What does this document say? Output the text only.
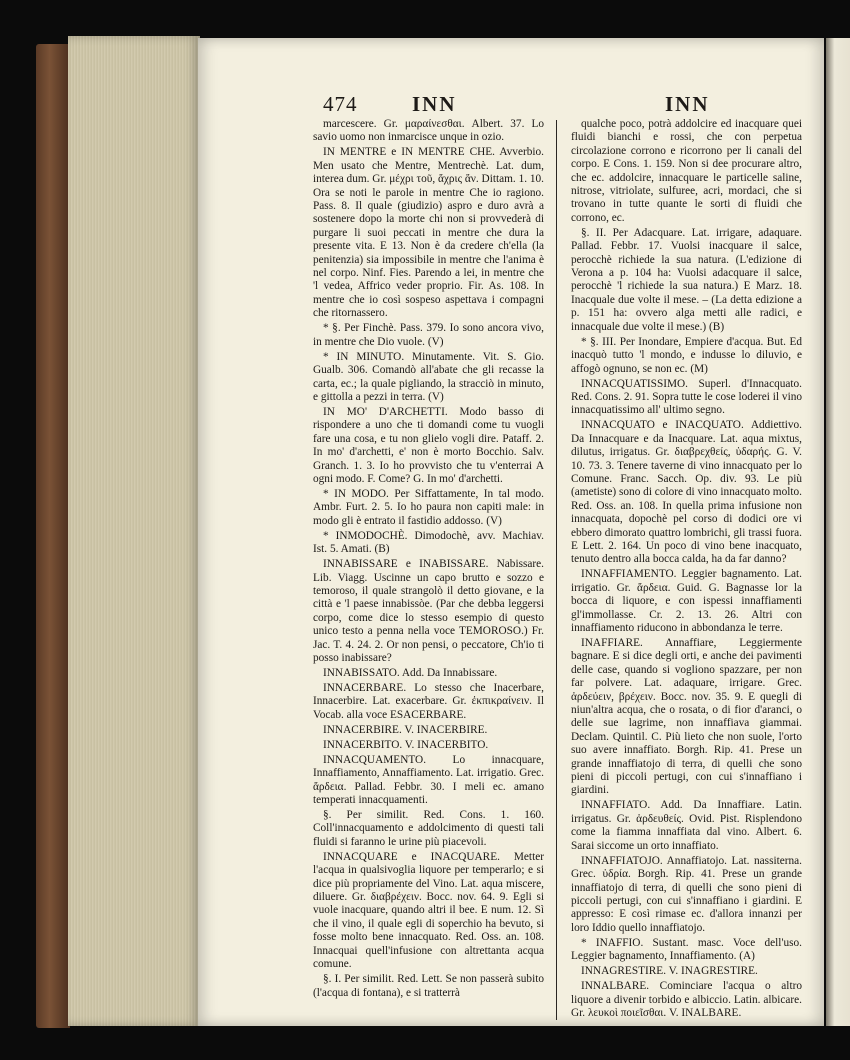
474	INN	INN

marcescere. Gr. μαραίνεσθαι. Albert. 37. Lo savio uomo non inmarcisce unque in ozio.

IN MENTRE e IN MENTRE CHE. Avverbio. Men usato che Mentre, Mentrechè. Lat. dum, interea dum. Gr. μέχρι τοῦ, ἄχρις ἄν. Dittam. 1. 10. Ora se noti le parole in mentre Che io ragiono. Pass. 8. Il quale (giudizio) aspro e duro avrà a sostenere dopo la morte chi non si provvederà di purgare li suoi peccati in mentre che dura la presente vita. E 13. Non è da credere ch'ella (la penitenzia) sia impossibile in mentre che l'anima è nel corpo. Ninf. Fies. Parendo a lei, in mentre che 'l vedea, Affrico veder proprio. Fir. As. 108. In mentre che io così sospeso aspettava i compagni che ritornassero.

* §. Per Finchè. Pass. 379. Io sono ancora vivo, in mentre che Dio vuole. (V)

* IN MINUTO. Minutamente. Vit. S. Gio. Gualb. 306. Comandò all'abate che gli recasse la carta, ec.; la quale pigliando, la stracciò in minuto, e gittolla a pezzi in terra. (V)

IN MO' D'ARCHETTI. Modo basso di rispondere a uno che ti domandi come tu vuogli fare una cosa, e tu non glielo vogli dire. Pataff. 2. In mo' d'archetti, e' non è morto Bocchio. Salv. Granch. 1. 3. Io ho provvisto che tu v'enterrai A ogni modo. F. Come? G. In mo' d'archetti.

* IN MODO. Per Siffattamente, In tal modo. Ambr. Furt. 2. 5. Io ho paura non capiti male: in modo gli è entrato il fastidio addosso. (V)

* INMODOCHÈ. Dimodochè, avv. Machiav. Ist. 5. Amati. (B)

INNABISSARE e INABISSARE. Nabissare. Lib. Viagg. Uscinne un capo brutto e sozzo e temoroso, il quale strangolò il detto giovane, e la città e 'l paese innabissòe. (Par che debba leggersi corpo, come dice lo stesso esempio di questo unico testo a penna nella voce TEMOROSO.) Fr. Jac. T. 4. 24. 2. Or non pensi, o peccatore, Ch'io ti posso inabissare?

INNABISSATO. Add. Da Innabissare.

INNACERBARE. Lo stesso che Inacerbare, Innacerbire. Lat. exacerbare. Gr. ἐκπικραίνειν. Il Vocab. alla voce ESACERBARE.

INNACERBIRE. V. INACERBIRE.

INNACERBITO. V. INACERBITO.

INNACQUAMENTO. Lo innacquare, Innaffiamento, Annaffiamento. Lat. irrigatio. Grec. ἄρδεια. Pallad. Febbr. 30. I meli ec. amano temperati innacquamenti.

§. Per similit. Red. Cons. 1. 160. Coll'innacquamento e addolcimento di questi tali fluidi si faranno le urine più piacevoli.

INNACQUARE e INACQUARE. Metter l'acqua in qualsivoglia liquore per temperarlo; e si dice più propriamente del Vino. Lat. aqua miscere, diluere. Gr. διαβρέχειν. Bocc. nov. 64. 9. Egli si vuole inacquare, quando altri il bee. E num. 12. Sì che il vino, il quale egli di soperchio ha bevuto, si fosse molto bene innacquato. Red. Oss. an. 108. Innacquai quell'infusione con altrettanta acqua comune.

§. I. Per similit. Red. Lett. Se non passerà subito (l'acqua di fontana), e si tratterrà

qualche poco, potrà addolcire ed inacquare quei fluidi bianchi e rossi, che con perpetua circolazione corrono e ricorrono per li canali del corpo. E Cons. 1. 159. Non si dee procurare altro, che ec. addolcire, innacquare le particelle saline, nitrose, vitriolate, sulfuree, acri, mordaci, che si trovano in tutte quante le sorti di fluidi che corrono, ec.

§. II. Per Adacquare. Lat. irrigare, adaquare. Pallad. Febbr. 17. Vuolsi inacquare il salce, perocchè richiede la sua natura. (L'edizione di Verona a p. 104 ha: Vuolsi adacquare il salce, perocchè 'l richiede la sua natura.) E Marz. 18. Inacquale due volte il mese. – (La detta edizione a p. 151 ha: ovvero alga metti alle radici, e innacquale due volte il mese.) (B)

* §. III. Per Inondare, Empiere d'acqua. But. Ed inacquò tutto 'l mondo, e indusse lo diluvio, e affogò ognuno, se non ec. (M)

INNACQUATISSIMO. Superl. d'Innacquato. Red. Cons. 2. 91. Sopra tutte le cose loderei il vino innacquatissimo all' ultimo segno.

INNACQUATO e INACQUATO. Addiettivo. Da Innacquare e da Inacquare. Lat. aqua mixtus, dilutus, irrigatus. Gr. διαβρεχθείς, ὑδαρής. G. V. 10. 73. 3. Tenere taverne di vino innacquato per lo Comune. Franc. Sacch. Op. div. 93. Le più (ametiste) sono di colore di vino innacquato molto. Red. Oss. an. 108. In quella prima infusione non innacquata, dopochè pel corso di dodici ore vi ebbero dimorato quattro lombrichi, gli trassi fuora. E Lett. 2. 164. Un poco di vino bene inacquato, tenuto dentro alla bocca calda, ha da far danno?

INNAFFIAMENTO. Leggier bagnamento. Lat. irrigatio. Gr. ἄρδεια. Guid. G. Bagnasse lor la bocca di liquore, e con ispessi innaffiamenti gl'immollasse. Cr. 2. 13. 26. Altri con innaffiamento riducono in abbondanza le terre.

INAFFIARE. Annaffiare, Leggiermente bagnare. E si dice degli orti, e anche dei pavimenti delle case, quando si vogliono spazzare, per non far polvere. Lat. adaquare, irrigare. Grec. ἀρδεύειν, βρέχειν. Bocc. nov. 35. 9. E quegli di niun'altra acqua, che o rosata, o di fior d'aranci, o delle sue lagrime, non innaffiava giammai. Declam. Quintil. C. Più lieto che non suole, l'orto suo avere innaffiato. Borgh. Rip. 41. Prese un grande innaffiatojo di terra, di quelli che sono pieni di piccoli pertugi, con cui s'innaffiano i giardini.

INNAFFIATO. Add. Da Innaffiare. Latin. irrigatus. Gr. ἀρδευθείς. Ovid. Pist. Risplendono come la fiamma innaffiata dal vino. Albert. 6. Sarai siccome un orto innaffiato.

INNAFFIATOJO. Annaffiatojo. Lat. nassiterna. Grec. ὑδρία. Borgh. Rip. 41. Prese un grande innaffiatojo di terra, di quelli che sono pieni di piccoli pertugi, con cui s'innaffiano i giardini. E appresso: E così rimase ec. d'allora innanzi per loro Iddio quello innaffiatojo.

* INAFFIO. Sustant. masc. Voce dell'uso. Leggier bagnamento, Innaffiamento. (A)

INNAGRESTIRE. V. INAGRESTIRE.

INNALBARE. Cominciare l'acqua o altro liquore a divenir torbido e albiccio. Latin. albicare. Gr. λευκοὶ ποιεῖσθαι. V. INALBARE.
